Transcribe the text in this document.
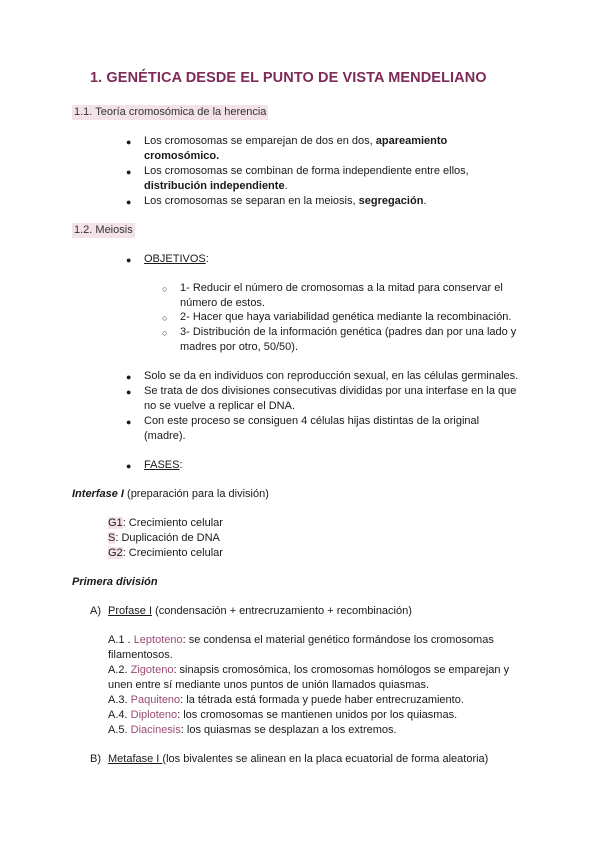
1. GENÉTICA DESDE EL PUNTO DE VISTA MENDELIANO
1.1. Teoría cromosómica de la herencia
● Los cromosomas se emparejan de dos en dos, apareamiento
cromosómico.
● Los cromosomas se combinan de forma independiente entre ellos,
distribución independiente.
● Los cromosomas se separan en la meiosis, segregación.
1.2. Meiosis
● OBJETIVOS:
○ 1- Reducir el número de cromosomas a la mitad para conservar el
número de estos.
○ 2- Hacer que haya variabilidad genética mediante la recombinación.
○ 3- Distribución de la información genética (padres dan por una lado y
madres por otro, 50/50).
● Solo se da en individuos con reproducción sexual, en las células germinales.
● Se trata de dos divisiones consecutivas divididas por una interfase en la que
no se vuelve a replicar el DNA.
● Con este proceso se consiguen 4 células hijas distintas de la original
(madre).
● FASES:
Interfase I (preparación para la división)
G1: Crecimiento celular
S: Duplicación de DNA
G2: Crecimiento celular
Primera división
A) Profase I (condensación + entrecruzamiento + recombinación)
A.1 . Leptoteno: se condensa el material genético formándose los cromosomas
filamentosos.
A.2. Zigoteno: sinapsis cromosómica, los cromosomas homólogos se emparejan y
unen entre sí mediante unos puntos de unión llamados quiasmas.
A.3. Paquiteno: la tétrada está formada y puede haber entrecruzamiento.
A.4. Diploteno: los cromosomas se mantienen unidos por los quiasmas.
A.5. Diacinesis: los quiasmas se desplazan a los extremos.
B) Metafase I (los bivalentes se alinean en la placa ecuatorial de forma aleatoria)
